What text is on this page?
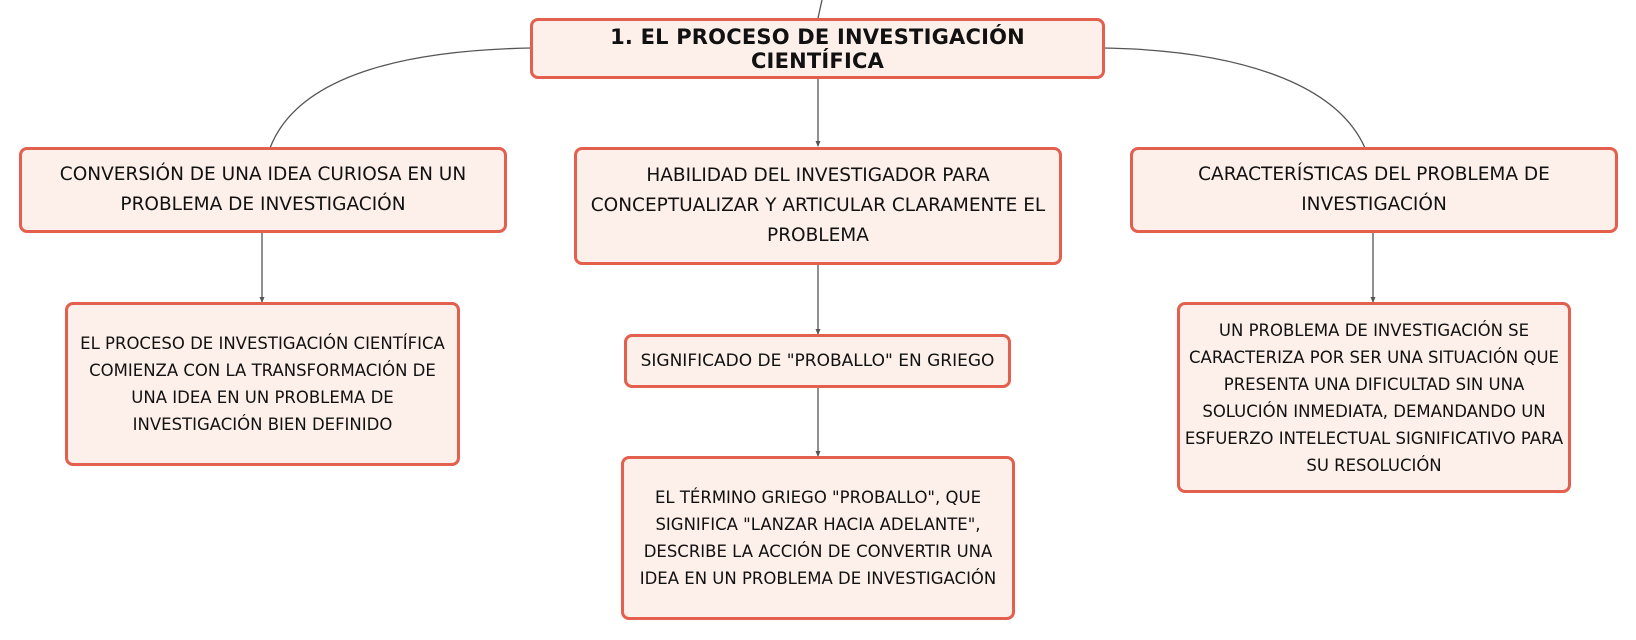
1. EL PROCESO DE INVESTIGACIÓN CIENTÍFICA
CONVERSIÓN DE UNA IDEA CURIOSA EN UN PROBLEMA DE INVESTIGACIÓN
HABILIDAD DEL INVESTIGADOR PARA CONCEPTUALIZAR Y ARTICULAR CLARAMENTE EL PROBLEMA
CARACTERÍSTICAS DEL PROBLEMA DE INVESTIGACIÓN
EL PROCESO DE INVESTIGACIÓN CIENTÍFICA COMIENZA CON LA TRANSFORMACIÓN DE UNA IDEA EN UN PROBLEMA DE INVESTIGACIÓN BIEN DEFINIDO
SIGNIFICADO DE "PROBALLO" EN GRIEGO
EL TÉRMINO GRIEGO "PROBALLO", QUE SIGNIFICA "LANZAR HACIA ADELANTE", DESCRIBE LA ACCIÓN DE CONVERTIR UNA IDEA EN UN PROBLEMA DE INVESTIGACIÓN
UN PROBLEMA DE INVESTIGACIÓN SE CARACTERIZA POR SER UNA SITUACIÓN QUE PRESENTA UNA DIFICULTAD SIN UNA SOLUCIÓN INMEDIATA, DEMANDANDO UN ESFUERZO INTELECTUAL SIGNIFICATIVO PARA SU RESOLUCIÓN
